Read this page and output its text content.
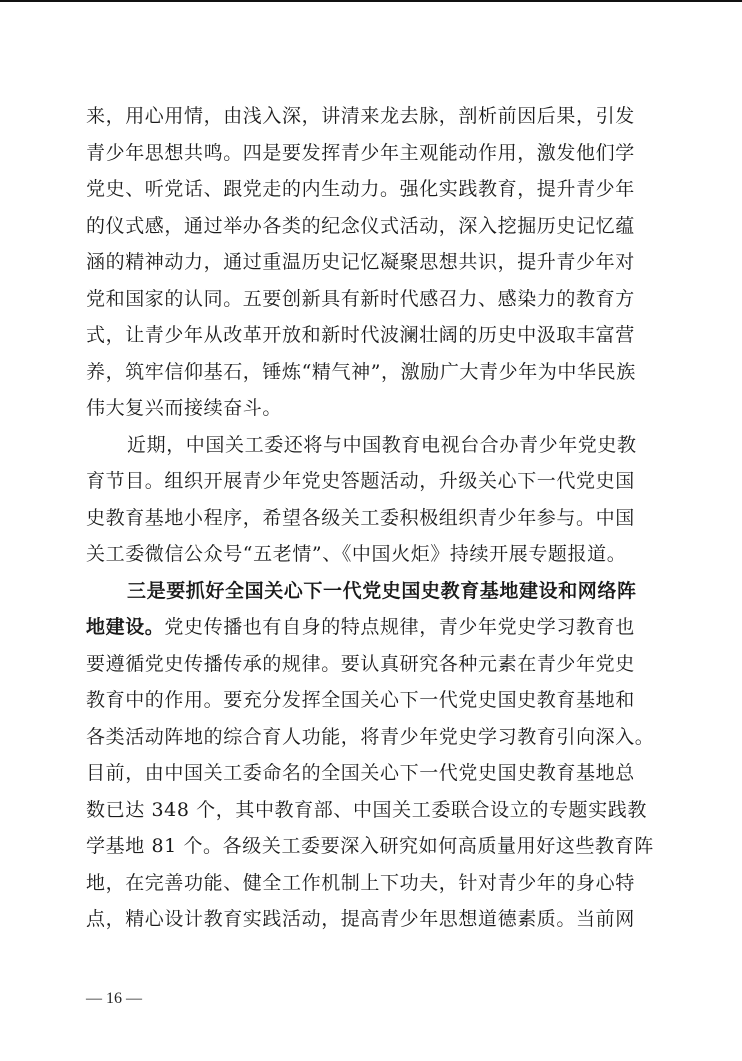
来，用心用情，由浅入深，讲清来龙去脉，剖析前因后果，引发
青少年思想共鸣。四是要发挥青少年主观能动作用，激发他们学
党史、听党话、跟党走的内生动力。强化实践教育，提升青少年
的仪式感，通过举办各类的纪念仪式活动，深入挖掘历史记忆蕴
涵的精神动力，通过重温历史记忆凝聚思想共识，提升青少年对
党和国家的认同。五要创新具有新时代感召力、感染力的教育方
式，让青少年从改革开放和新时代波澜壮阔的历史中汲取丰富营
养，筑牢信仰基石，锤炼“精气神”，激励广大青少年为中华民族
伟大复兴而接续奋斗。
近期，中国关工委还将与中国教育电视台合办青少年党史教
育节目。组织开展青少年党史答题活动，升级关心下一代党史国
史教育基地小程序，希望各级关工委积极组织青少年参与。中国
关工委微信公众号“五老情”、《中国火炬》持续开展专题报道。
三是要抓好全国关心下一代党史国史教育基地建设和网络阵
地建设。党史传播也有自身的特点规律，青少年党史学习教育也
要遵循党史传播传承的规律。要认真研究各种元素在青少年党史
教育中的作用。要充分发挥全国关心下一代党史国史教育基地和
各类活动阵地的综合育人功能，将青少年党史学习教育引向深入。
目前，由中国关工委命名的全国关心下一代党史国史教育基地总
数已达 348 个，其中教育部、中国关工委联合设立的专题实践教
学基地 81 个。各级关工委要深入研究如何高质量用好这些教育阵
地，在完善功能、健全工作机制上下功夫，针对青少年的身心特
点，精心设计教育实践活动，提高青少年思想道德素质。当前网
— 16 —
